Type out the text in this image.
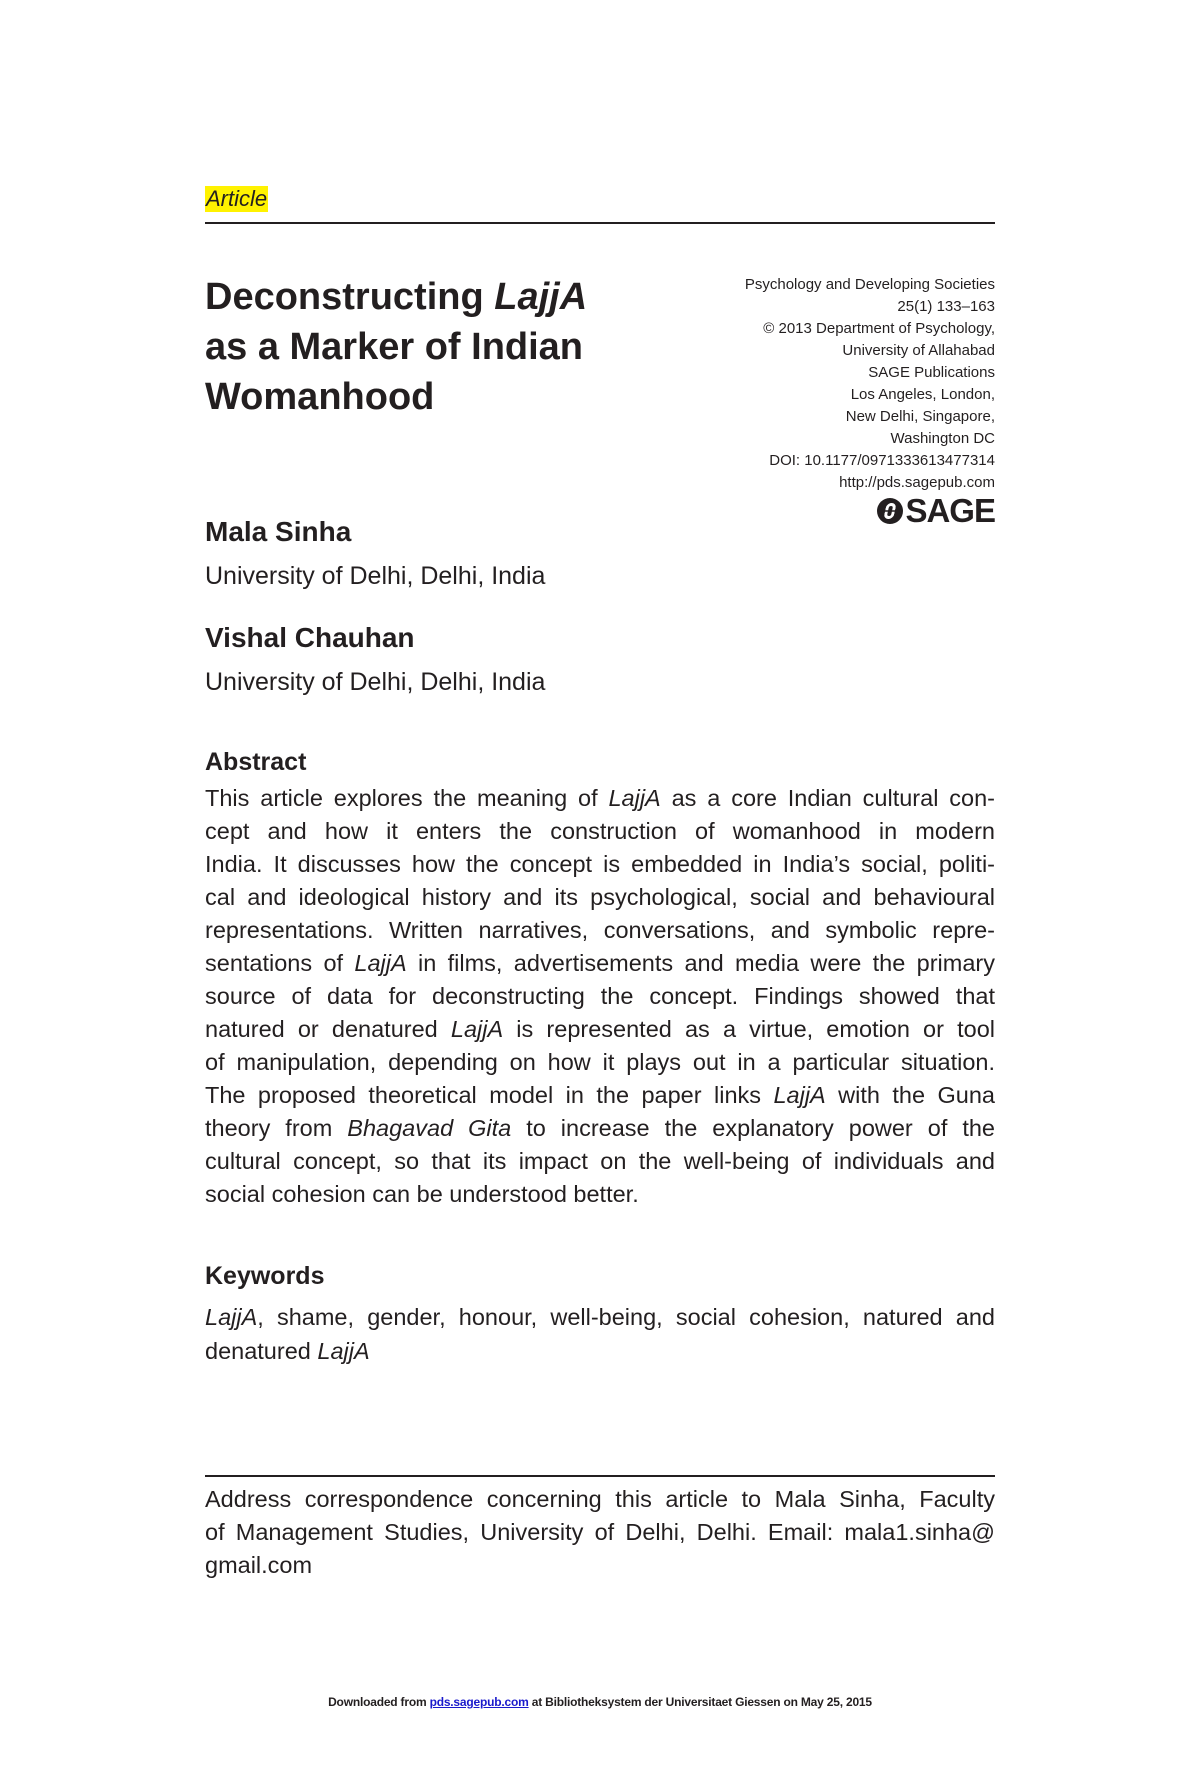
Article
Deconstructing LajjA
as a Marker of Indian
Womanhood
Psychology and Developing Societies
25(1) 133–163
© 2013 Department of Psychology,
University of Allahabad
SAGE Publications
Los Angeles, London,
New Delhi, Singapore,
Washington DC
DOI: 10.1177/0971333613477314
http://pds.sagepub.com
SAGE
Mala Sinha
University of Delhi, Delhi, India
Vishal Chauhan
University of Delhi, Delhi, India
Abstract
This article explores the meaning of LajjA as a core Indian cultural con-
cept and how it enters the construction of womanhood in modern
India. It discusses how the concept is embedded in India’s social, politi-
cal and ideological history and its psychological, social and behavioural
representations. Written narratives, conversations, and symbolic repre-
sentations of LajjA in films, advertisements and media were the primary
source of data for deconstructing the concept. Findings showed that
natured or denatured LajjA is represented as a virtue, emotion or tool
of manipulation, depending on how it plays out in a particular situation.
The proposed theoretical model in the paper links LajjA with the Guna
theory from Bhagavad Gita to increase the explanatory power of the
cultural concept, so that its impact on the well-being of individuals and
social cohesion can be understood better.
Keywords
LajjA, shame, gender, honour, well-being, social cohesion, natured and
denatured LajjA
Address correspondence concerning this article to Mala Sinha, Faculty
of Management Studies, University of Delhi, Delhi. Email: mala1.sinha@
gmail.com
Downloaded from pds.sagepub.com at Bibliotheksystem der Universitaet Giessen on May 25, 2015
